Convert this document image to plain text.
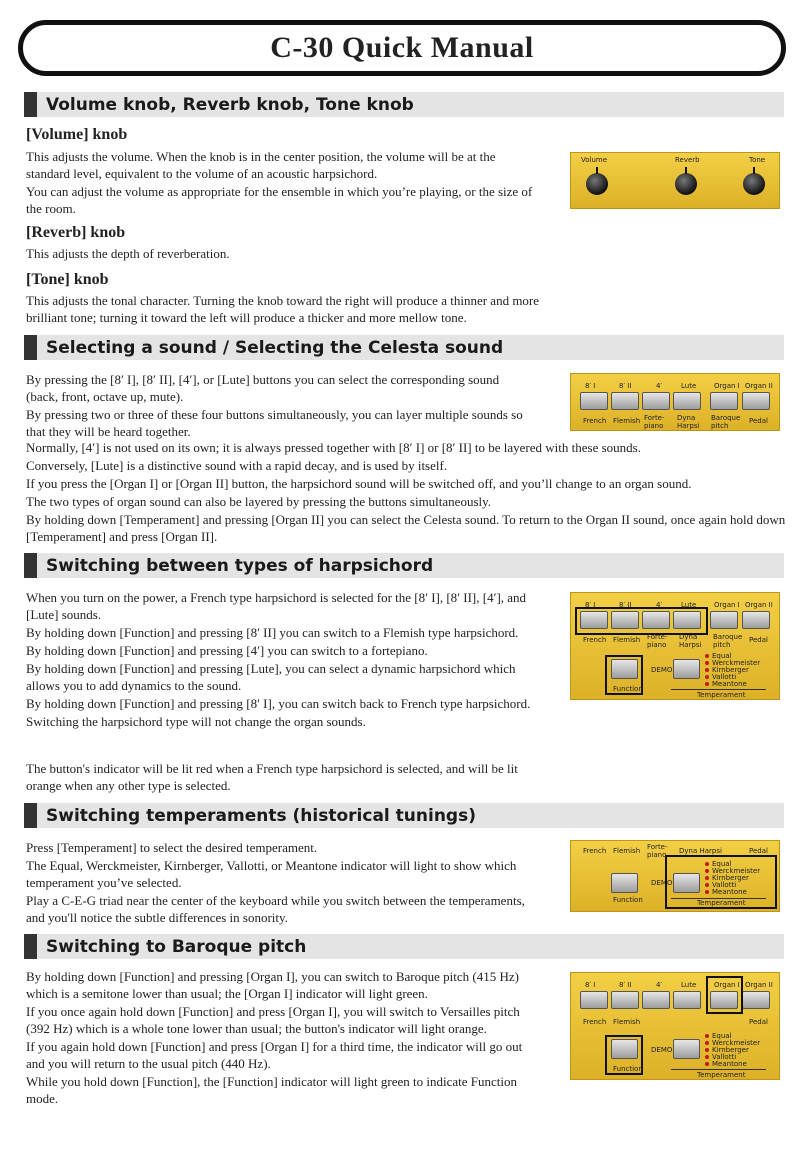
C-30 Quick Manual
Volume knob, Reverb knob, Tone knob
[Volume] knob

This adjusts the volume. When the knob is in the center position, the volume will be at the standard level, equivalent to the volume of an acoustic harpsichord.

You can adjust the volume as appropriate for the ensemble in which you’re playing, or the size of the room.

[Reverb] knob

This adjusts the depth of reverberation.

[Tone] knob

This adjusts the tonal character. Turning the knob toward the right will produce a thinner and more brilliant tone; turning it toward the left will produce a thicker and more mellow tone.

Volume	Reverb	Tone
Selecting a sound / Selecting the Celesta sound

By pressing the [8′ I], [8′ II], [4′], or [Lute] buttons you can select the corresponding sound (back, front, octave up, mute).

By pressing two or three of these four buttons simultaneously, you can layer multiple sounds so that they will be heard together.

Normally, [4′] is not used on its own; it is always pressed together with [8′ I] or [8′ II] to be layered with these sounds.

Conversely, [Lute] is a distinctive sound with a rapid decay, and is used by itself.

If you press the [Organ I] or [Organ II] button, the harpsichord sound will be switched off, and you’ll change to an organ sound.

The two types of organ sound can also be layered by pressing the buttons simultaneously.

By holding down [Temperament] and pressing [Organ II] you can select the Celesta sound. To return to the Organ II sound, once again hold down [Temperament] and press [Organ II].

8′ I	8′ II	4′	Lute	Organ I Organ II
French Flemish Forte-piano
Dyna Harpsi
Baroque pitch
Pedal
Switching between types of harpsichord

When you turn on the power, a French type harpsichord is selected for the [8′ I], [8′ II], [4′], and [Lute] sounds.

By holding down [Function] and pressing [8′ II] you can switch to a Flemish type harpsichord.

By holding down [Function] and pressing [4′] you can switch to a fortepiano.

By holding down [Function] and pressing [Lute], you can select a dynamic harpsichord which allows you to add dynamics to the sound.

By holding down [Function] and pressing [8′ I], you can switch back to French type harpsichord.

Switching the harpsichord type will not change the organ sounds.

The button's indicator will be lit red when a French type harpsichord is selected, and will be lit orange when any other type is selected.

8′ I	8′ II	4′	Lute	Organ I Organ II
French Flemish Forte-piano
Dyna Harpsi
Baroque pitch
Pedal
Function
DEMO
Equal
Werckmeister
Kirnberger
Vallotti
Meantone
Temperament
Switching temperaments (historical tunings)

Press [Temperament] to select the desired temperament.

The Equal, Werckmeister, Kirnberger, Vallotti, or Meantone indicator will light to show which temperament you’ve selected.

Play a C-E-G triad near the center of the keyboard while you switch between the temperaments, and you'll notice the subtle differences in sonority.

French Flemish Forte-piano	Dyna Harpsi	Pedal
Function
DEMO
Equal
Werckmeister
Kirnberger
Vallotti
Meantone
Temperament
Switching to Baroque pitch

By holding down [Function] and pressing [Organ I], you can switch to Baroque pitch (415 Hz) which is a semitone lower than usual; the [Organ I] indicator will light green.

If you once again hold down [Function] and press [Organ I], you will switch to Versailles pitch (392 Hz) which is a whole tone lower than usual; the button's indicator will light orange.

If you again hold down [Function] and press [Organ I] for a third time, the indicator will go out and you will return to the usual pitch (440 Hz).

While you hold down [Function], the [Function] indicator will light green to indicate Function mode.

8′ I	8′ II	4′	Lute	Organ I Organ II
French Flemish	Pedal
Function
DEMO
Equal
Werckmeister
Kirnberger
Vallotti
Meantone
Temperament
